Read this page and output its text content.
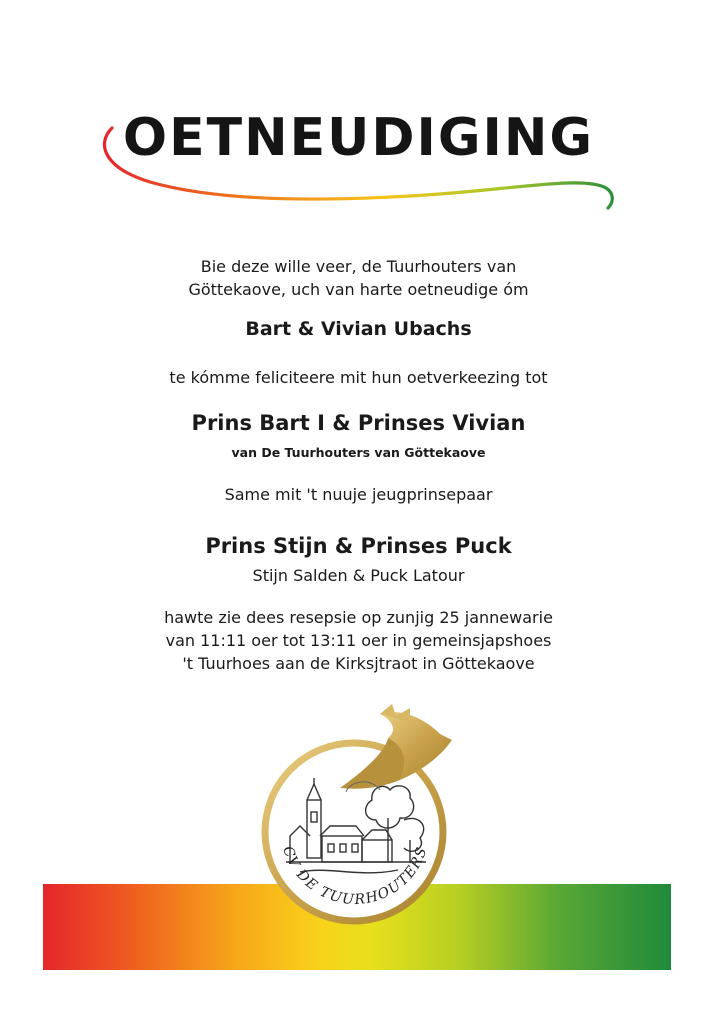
OETNEUDIGING
Bie deze wille veer, de Tuurhouters van
Göttekaove, uch van harte oetneudige óm
Bart & Vivian Ubachs
te kómme feliciteere mit hun oetverkeezing tot
Prins Bart I & Prinses Vivian
van De Tuurhouters van Göttekaove
Same mit 't nuuje jeugprinsepaar
Prins Stijn & Prinses Puck
Stijn Salden & Puck Latour
hawte zie dees resepsie op zunjig 25 jannewarie
van 11:11 oer tot 13:11 oer in gemeinsjapshoes
't Tuurhoes aan de Kirksjtraot in Göttekaove
CV DE TUURHOUTERS
